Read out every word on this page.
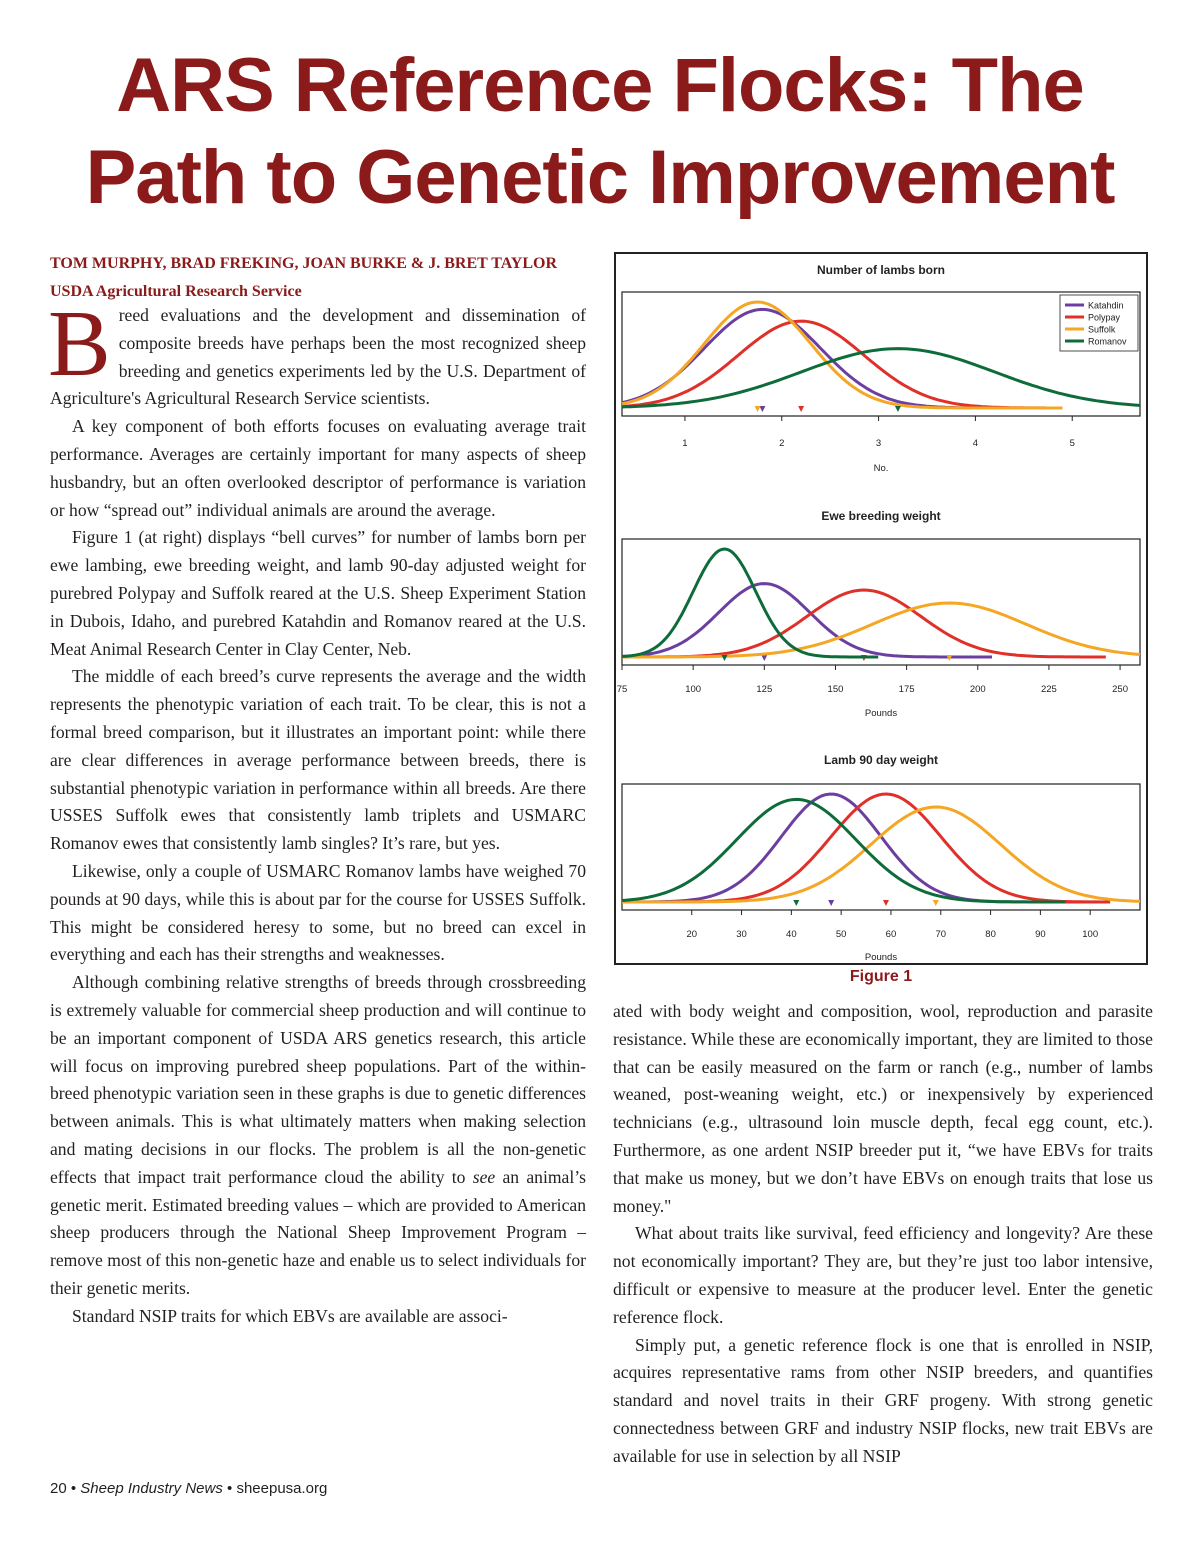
ARS Reference Flocks: The
Path to Genetic Improvement
TOM MURPHY, BRAD FREKING, JOAN BURKE & J. BRET TAYLOR
USDA Agricultural Research Service

Breed evaluations and the development and dissemination of composite breeds have perhaps been the most recognized sheep breeding and genetics experiments led by the U.S. Department of Agriculture's Agricultural Research Service scientists.

A key component of both efforts focuses on evaluating average trait performance. Averages are certainly important for many aspects of sheep husbandry, but an often overlooked descriptor of performance is variation or how “spread out” individual animals are around the average.

Figure 1 (at right) displays “bell curves” for number of lambs born per ewe lambing, ewe breeding weight, and lamb 90-day adjusted weight for purebred Polypay and Suffolk reared at the U.S. Sheep Experiment Station in Dubois, Idaho, and purebred Katahdin and Romanov reared at the U.S. Meat Animal Research Center in Clay Center, Neb.

The middle of each breed’s curve represents the average and the width represents the phenotypic variation of each trait. To be clear, this is not a formal breed comparison, but it illustrates an important point: while there are clear differences in average performance between breeds, there is substantial phenotypic variation in performance within all breeds. Are there USSES Suffolk ewes that consistently lamb triplets and USMARC Romanov ewes that consistently lamb singles? It’s rare, but yes.

Likewise, only a couple of USMARC Romanov lambs have weighed 70 pounds at 90 days, while this is about par for the course for USSES Suffolk. This might be considered heresy to some, but no breed can excel in everything and each has their strengths and weaknesses.

Although combining relative strengths of breeds through crossbreeding is extremely valuable for commercial sheep production and will continue to be an important component of USDA ARS genetics research, this article will focus on improving purebred sheep populations. Part of the within-breed phenotypic variation seen in these graphs is due to genetic differences between animals. This is what ultimately matters when making selection and mating decisions in our flocks. The problem is all the non-genetic effects that impact trait performance cloud the ability to see an animal’s genetic merit. Estimated breeding values – which are provided to American sheep producers through the National Sheep Improvement Program – remove most of this non-genetic haze and enable us to select individuals for their genetic merits.

Standard NSIP traits for which EBVs are available are associ-

Number of lambs born
1	2	3	4	5
No.
Katahdin
Polypay
Suffolk
Romanov
Ewe breeding weight
75	100	125	150	175	200	225	250
Pounds
Lamb 90 day weight
20	30	40	50	60	70	80	90	100
Pounds
Figure 1

ated with body weight and composition, wool, reproduction and parasite resistance. While these are economically important, they are limited to those that can be easily measured on the farm or ranch (e.g., number of lambs weaned, post-weaning weight, etc.) or inexpensively by experienced technicians (e.g., ultrasound loin muscle depth, fecal egg count, etc.). Furthermore, as one ardent NSIP breeder put it, “we have EBVs for traits that make us money, but we don’t have EBVs on enough traits that lose us money."

What about traits like survival, feed efficiency and longevity? Are these not economically important? They are, but they’re just too labor intensive, difficult or expensive to measure at the producer level. Enter the genetic reference flock.

Simply put, a genetic reference flock is one that is enrolled in NSIP, acquires representative rams from other NSIP breeders, and quantifies standard and novel traits in their GRF progeny. With strong genetic connectedness between GRF and industry NSIP flocks, new trait EBVs are available for use in selection by all NSIP

20 • Sheep Industry News • sheepusa.org
